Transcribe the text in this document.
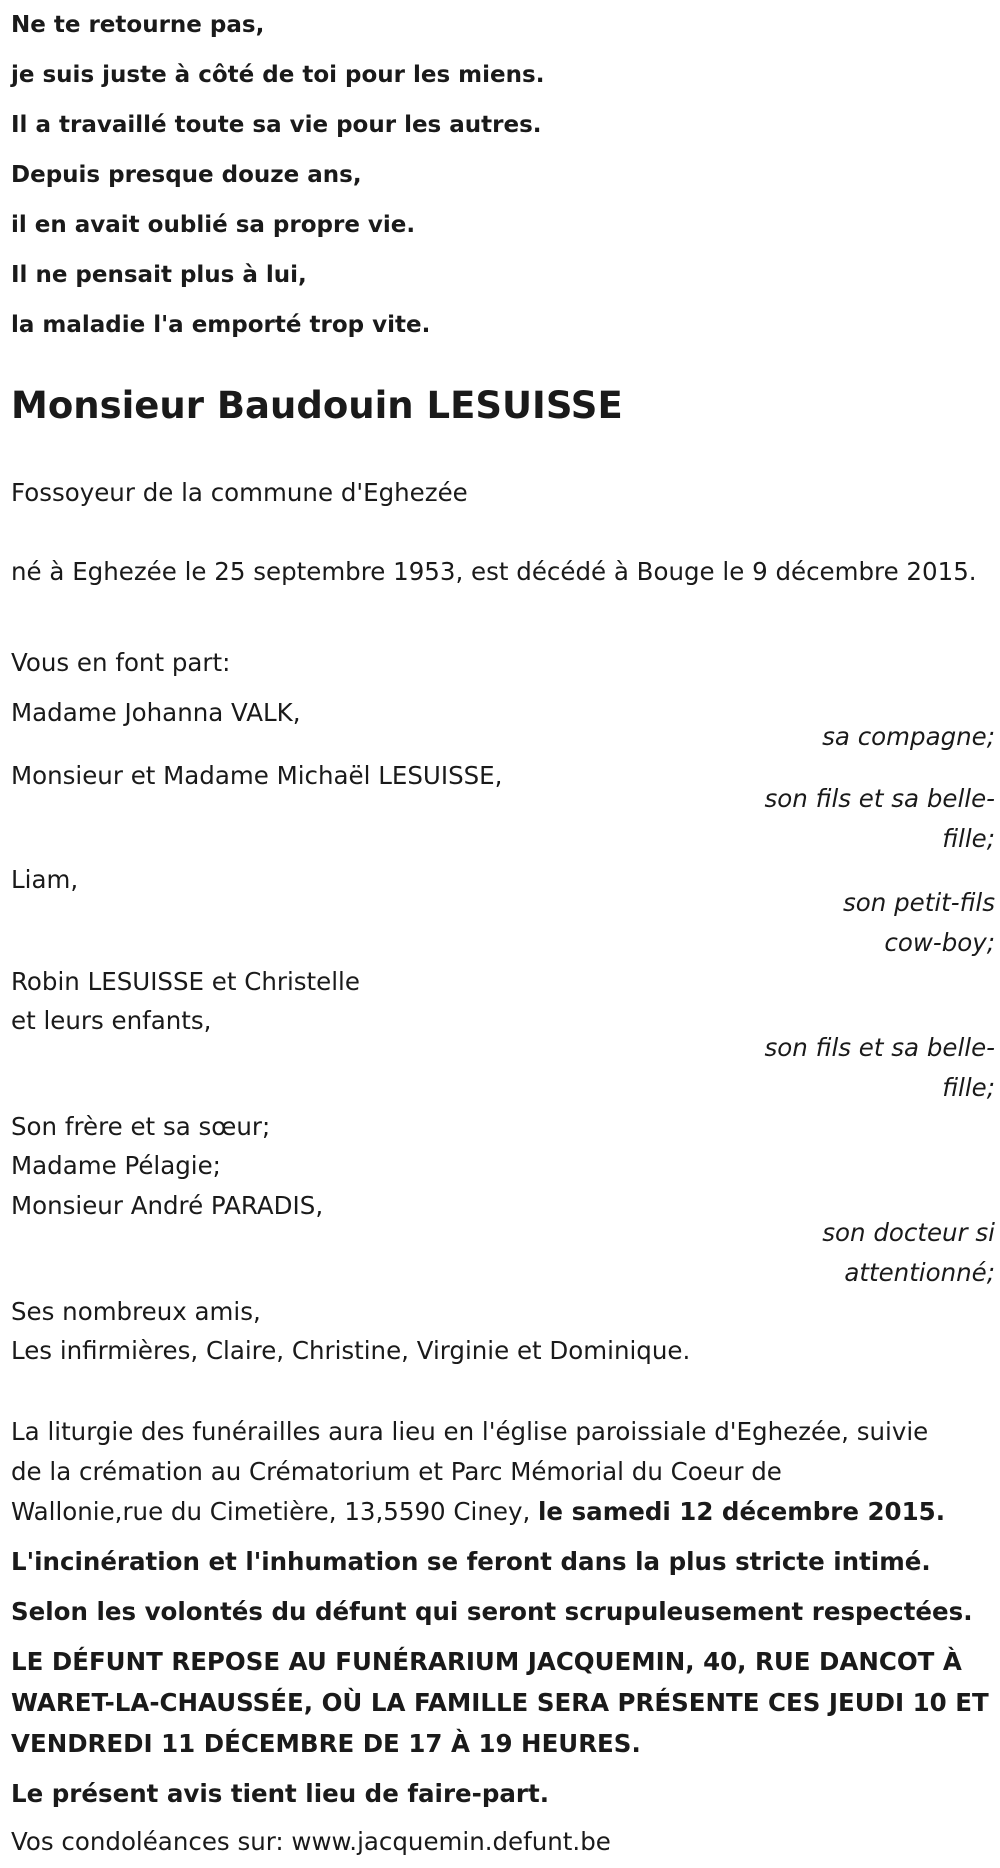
Ne te retourne pas,
je suis juste à côté de toi pour les miens.
Il a travaillé toute sa vie pour les autres.
Depuis presque douze ans,
il en avait oublié sa propre vie.
Il ne pensait plus à lui,
la maladie l'a emporté trop vite.
Monsieur Baudouin LESUISSE
Fossoyeur de la commune d'Eghezée
né à Eghezée le 25 septembre 1953, est décédé à Bouge le 9 décembre 2015.
Vous en font part:
Madame Johanna VALK,
sa compagne;
Monsieur et Madame Michaël LESUISSE,
son fils et sa belle-
fille;
Liam,
son petit-fils
cow-boy;
Robin LESUISSE et Christelle
et leurs enfants,
son fils et sa belle-
fille;
Son frère et sa sœur;
Madame Pélagie;
Monsieur André PARADIS,
son docteur si
attentionné;
Ses nombreux amis,
Les infirmières, Claire, Christine, Virginie et Dominique.
La liturgie des funérailles aura lieu en l'église paroissiale d'Eghezée, suivie
de la crémation au Crématorium et Parc Mémorial du Coeur de
Wallonie,rue du Cimetière, 13,5590 Ciney, le samedi 12 décembre 2015.
L'incinération et l'inhumation se feront dans la plus stricte intimé.
Selon les volontés du défunt qui seront scrupuleusement respectées.
LE DÉFUNT REPOSE AU FUNÉRARIUM JACQUEMIN, 40, RUE DANCOT À
WARET-LA-CHAUSSÉE, OÙ LA FAMILLE SERA PRÉSENTE CES JEUDI 10 ET
VENDREDI 11 DÉCEMBRE DE 17 À 19 HEURES.
Le présent avis tient lieu de faire-part.
Vos condoléances sur: www.jacquemin.defunt.be
